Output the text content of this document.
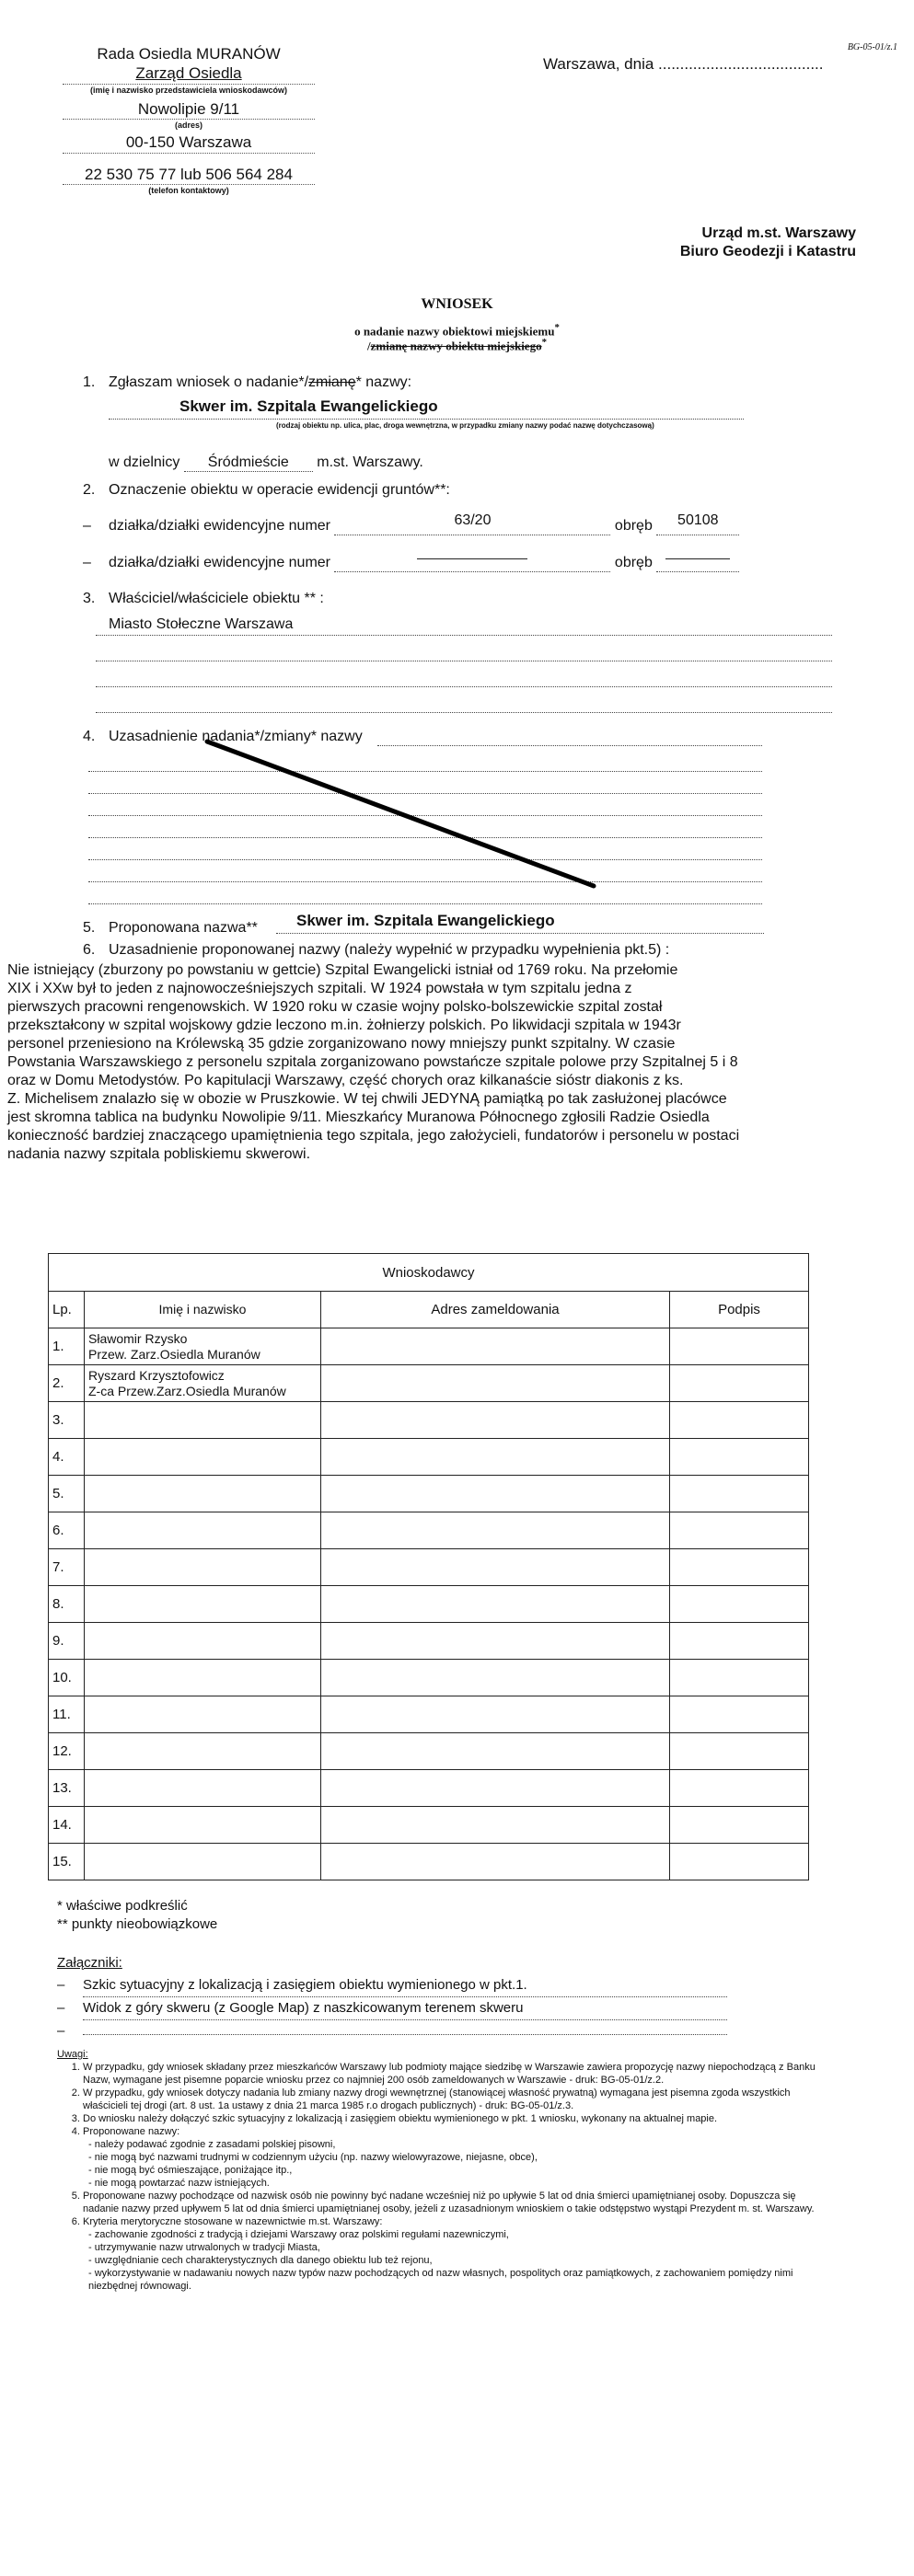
Rada Osiedla MURANÓW
Zarząd Osiedla
(imię i nazwisko przedstawiciela wnioskodawców)
Nowolipie 9/11
(adres)
00-150 Warszawa
22 530 75 77 lub 506 564 284
(telefon kontaktowy)
BG-05-01/z.1
Warszawa, dnia ......................................
Urząd m.st. Warszawy
Biuro Geodezji i Katastru
WNIOSEK
o nadanie nazwy obiektowi miejskiemu*
/zmianę nazwy obiektu miejskiego*
1. Zgłaszam wniosek o nadanie*/zmianę* nazwy:
Skwer im. Szpitala Ewangelickiego
(rodzaj obiektu np. ulica, plac, droga wewnętrzna, w przypadku zmiany nazwy podać nazwę dotychczasową)
w dzielnicy Śródmieście m.st. Warszawy.
2. Oznaczenie obiektu w operacie ewidencji gruntów**:
– działka/działki ewidencyjne numer	63/20	obręb 50108
– działka/działki ewidencyjne numer	obręb
3. Właściciel/właściciele obiektu ** :
Miasto Stołeczne Warszawa
4. Uzasadnienie nadania*/zmiany* nazwy
5. Proponowana nazwa** Skwer im. Szpitala Ewangelickiego
6. Uzasadnienie proponowanej nazwy (należy wypełnić w przypadku wypełnienia pkt.5) :
Nie istniejący (zburzony po powstaniu w gettcie) Szpital Ewangelicki istniał od 1769 roku. Na przełomie
XIX i XXw był to jeden z najnowocześniejszych szpitali. W 1924 powstała w tym szpitalu jedna z
pierwszych pracowni rengenowskich. W 1920 roku w czasie wojny polsko-bolszewickie szpital został
przekształcony w szpital wojskowy gdzie leczono m.in. żołnierzy polskich. Po likwidacji szpitala w 1943r
personel przeniesiono na Królewską 35 gdzie zorganizowano nowy mniejszy punkt szpitalny. W czasie
Powstania Warszawskiego z personelu szpitala zorganizowano powstańcze szpitale polowe przy Szpitalnej 5 i 8
oraz w Domu Metodystów. Po kapitulacji Warszawy, część chorych oraz kilkanaście sióstr diakonis z ks.
Z. Michelisem znalazło się w obozie w Pruszkowie. W tej chwili JEDYNĄ pamiątką po tak zasłużonej placówce
jest skromna tablica na budynku Nowolipie 9/11. Mieszkańcy Muranowa Północnego zgłosili Radzie Osiedla
konieczność bardziej znaczącego upamiętnienia tego szpitala, jego założycieli, fundatorów i personelu w postaci
nadania nazwy szpitala pobliskiemu skwerowi.
Wnioskodawcy			
Lp.	Imię i nazwisko	Adres zameldowania	Podpis
1.	Sławomir Rzysko
Przew. Zarz.Osiedla Muranów		

2.	Ryszard Krzysztofowicz
Z-ca Przew.Zarz.Osiedla Muranów		

3.			
4.			
5.			
6.			
7.			
8.			
9.			
10.			
11.			
12.			
13.			
14.			
15.			
* właściwe podkreślić
** punkty nieobowiązkowe
Załączniki:
– Szkic sytuacyjny z lokalizacją i zasięgiem obiektu wymienionego w pkt.1.
– Widok z góry skweru (z Google Map) z naszkicowanym terenem skweru
–
Uwagi:
1. W przypadku, gdy wniosek składany przez mieszkańców Warszawy lub podmioty mające siedzibę w Warszawie zawiera propozycję nazwy niepochodzącą z Banku Nazw, wymagane jest pisemne poparcie wniosku przez co najmniej 200 osób zameldowanych w Warszawie - druk: BG-05-01/z.2.
2. W przypadku, gdy wniosek dotyczy nadania lub zmiany nazwy drogi wewnętrznej (stanowiącej własność prywatną) wymagana jest pisemna zgoda wszystkich właścicieli tej drogi (art. 8 ust. 1a ustawy z dnia 21 marca 1985 r.o drogach publicznych) - druk: BG-05-01/z.3.
3. Do wniosku należy dołączyć szkic sytuacyjny z lokalizacją i zasięgiem obiektu wymienionego w pkt. 1 wniosku, wykonany na aktualnej mapie.
4. Proponowane nazwy:
- należy podawać zgodnie z zasadami polskiej pisowni,
- nie mogą być nazwami trudnymi w codziennym użyciu (np. nazwy wielowyrazowe, niejasne, obce),
- nie mogą być ośmieszające, poniżające itp.,
- nie mogą powtarzać nazw istniejących.
5. Proponowane nazwy pochodzące od nazwisk osób nie powinny być nadane wcześniej niż po upływie 5 lat od dnia śmierci upamiętnianej osoby. Dopuszcza się nadanie nazwy przed upływem 5 lat od dnia śmierci upamiętnianej osoby, jeżeli z uzasadnionym wnioskiem o takie odstępstwo wystąpi Prezydent m. st. Warszawy.
6. Kryteria merytoryczne stosowane w nazewnictwie m.st. Warszawy:
- zachowanie zgodności z tradycją i dziejami Warszawy oraz polskimi regułami nazewniczymi,
- utrzymywanie nazw utrwalonych w tradycji Miasta,
- uwzględnianie cech charakterystycznych dla danego obiektu lub też rejonu,
- wykorzystywanie w nadawaniu nowych nazw typów nazw pochodzących od nazw własnych, pospolitych oraz pamiątkowych, z zachowaniem pomiędzy nimi niezbędnej równowagi.
